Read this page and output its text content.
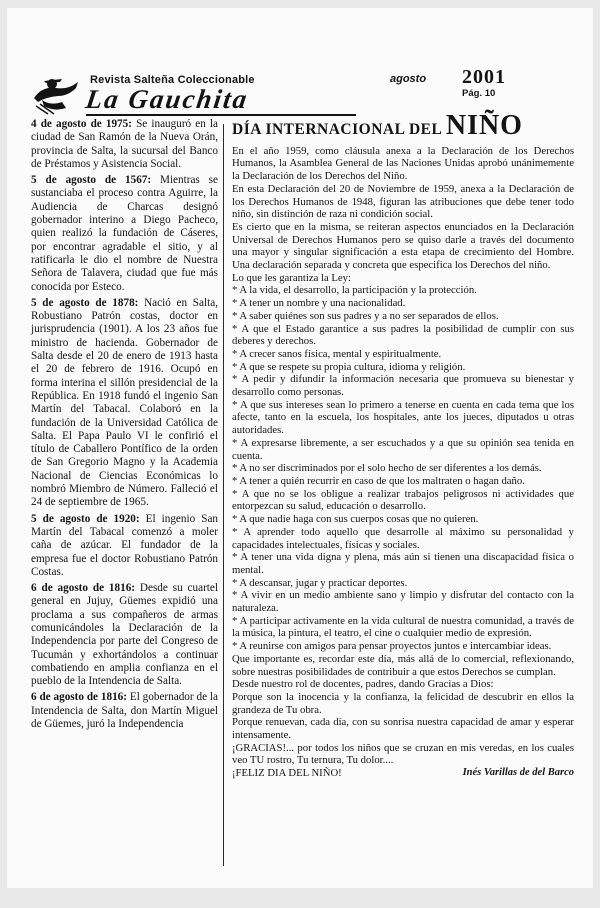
Revista Salteña Coleccionable
La Gauchita
agosto 2001
Pág. 10

4 de agosto de 1975: Se inauguró en la ciudad de San Ramón de la Nueva Orán, provincia de Salta, la sucursal del Banco de Préstamos y Asistencia Social.

5 de agosto de 1567: Mientras se sustanciaba el proceso contra Aguirre, la Audiencia de Charcas designó gobernador interino a Diego Pacheco, quien realizó la fundación de Cáseres, por encontrar agradable el sitio, y al ratificarla le dio el nombre de Nuestra Señora de Talavera, ciudad que fue más conocida por Esteco.

5 de agosto de 1878: Nació en Salta, Robustiano Patrón costas, doctor en jurisprudencia (1901). A los 23 años fue ministro de hacienda. Gobernador de Salta desde el 20 de enero de 1913 hasta el 20 de febrero de 1916. Ocupó en forma interina el sillón presidencial de la República. En 1918 fundó el ingenio San Martín del Tabacal. Colaboró en la fundación de la Universidad Católica de Salta. El Papa Paulo VI le confirió el título de Caballero Pontífico de la orden de San Gregorio Magno y la Academia Nacional de Ciencias Económicas lo nombró Miembro de Número. Falleció el 24 de septiembre de 1965.

5 de agosto de 1920: El ingenio San Martín del Tabacal comenzó a moler caña de azúcar. El fundador de la empresa fue el doctor Robustiano Patrón Costas.

6 de agosto de 1816: Desde su cuartel general en Jujuy, Güemes expidió una proclama a sus compañeros de armas comunicándoles la Declaración de la Independencia por parte del Congreso de Tucumán y exhortándolos a continuar combatiendo en amplia confianza en el pueblo de la Intendencia de Salta.

6 de agosto de 1816: El gobernador de la Intendencia de Salta, don Martín Miguel de Güemes, juró la Independencia

DÍA INTERNACIONAL DEL NIÑO

En el año 1959, como cláusula anexa a la Declaración de los Derechos Humanos, la Asamblea General de las Naciones Unidas aprobó unánimemente la Declaración de los Derechos del Niño.

En esta Declaración del 20 de Noviembre de 1959, anexa a la Declaración de los Derechos Humanos de 1948, figuran las atribuciones que debe tener todo niño, sin distinción de raza ni condición social.

Es cierto que en la misma, se reiteran aspectos enunciados en la Declaración Universal de Derechos Humanos pero se quiso darle a través del documento una mayor y singular significación a esta etapa de crecimiento del Hombre. Una declaración separada y concreta que especifica los Derechos del niño.

Lo que les garantiza la Ley:

* A la vida, el desarrollo, la participación y la protección.

* A tener un nombre y una nacionalidad.

* A saber quiénes son sus padres y a no ser separados de ellos.

* A que el Estado garantice a sus padres la posibilidad de cumplir con sus deberes y derechos.

* A crecer sanos física, mental y espiritualmente.

* A que se respete su propia cultura, idioma y religión.

* A pedir y difundir la información necesaria que promueva su bienestar y desarrollo como personas.

* A que sus intereses sean lo primero a tenerse en cuenta en cada tema que los afecte, tanto en la escuela, los hospitales, ante los jueces, diputados u otras autoridades.

* A expresarse libremente, a ser escuchados y a que su opinión sea tenida en cuenta.

* A no ser discriminados por el solo hecho de ser diferentes a los demás.

* A tener a quién recurrir en caso de que los maltraten o hagan daño.

* A que no se los obligue a realizar trabajos peligrosos ni actividades que entorpezcan su salud, educación o desarrollo.

* A que nadie haga con sus cuerpos cosas que no quieren.

* A aprender todo aquello que desarrolle al máximo su personalidad y capacidades intelectuales, físicas y sociales.

* A tener una vida digna y plena, más aún si tienen una discapacidad física o mental.

* A descansar, jugar y practicar deportes.

* A vivir en un medio ambiente sano y limpio y disfrutar del contacto con la naturaleza.

* A participar activamente en la vida cultural de nuestra comunidad, a través de la música, la pintura, el teatro, el cine o cualquier medio de expresión.

* A reunirse con amigos para pensar proyectos juntos e intercambiar ideas.

Que importante es, recordar este día, más allá de lo comercial, reflexionando, sobre nuestras posibilidades de contribuir a que estos Derechos se cumplan.

Desde nuestro rol de docentes, padres, dando Gracias a Dios:

Porque son la inocencia y la confianza, la felicidad de descubrir en ellos la grandeza de Tu obra.

Porque renuevan, cada día, con su sonrisa nuestra capacidad de amar y esperar intensamente.

¡GRACIAS!... por todos los niños que se cruzan en mis veredas, en los cuales veo TU rostro, Tu ternura, Tu dolor....

¡FELIZ DIA DEL NIÑO!	Inés Varillas de del Barco
